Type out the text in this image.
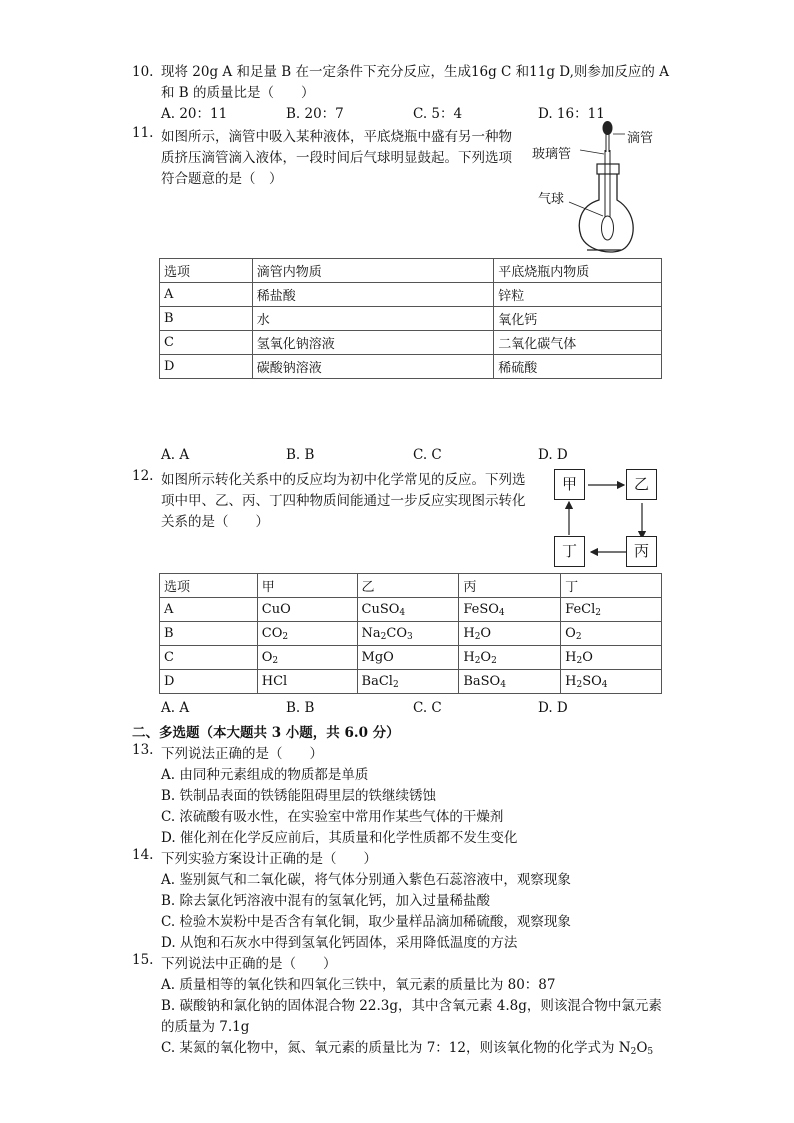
10. 现将 20g A 和足量 B 在一定条件下充分反应，生成16g C 和11g D,则参加反应的 A
和 B 的质量比是（　　）
A. 20：11	B. 20：7	C. 5：4	D. 16：11
11. 如图所示，滴管中吸入某种液体，平底烧瓶中盛有另一种物
质挤压滴管滴入液体，一段时间后气球明显鼓起。下列选项
符合题意的是（　）
滴管
玻璃管
气球
选项	滴管内物质	平底烧瓶内物质
A	稀盐酸	锌粒
B	水	氧化钙
C	氢氧化钠溶液	二氧化碳气体
D	碳酸钠溶液	稀硫酸
A. A	B. B	C. C	D. D
12. 如图所示转化关系中的反应均为初中化学常见的反应。下列选
项中甲、乙、丙、丁四种物质间能通过一步反应实现图示转化
关系的是（　　）
甲	乙
丙
丁
选项	甲	乙	丙	丁
A	CuO	CuSO$_4$	FeSO$_4$	FeCl$_2$
B	$CO_2$	$Na_2CO_3$	$H_2O$	$O_2$
C	$O_2$	MgO	$H_2O_2$	$H_2O$
D	HCl	BaCl$_2$	BaSO$_4$	$H_2SO_4$
A. A	B. B	C. C	D. D
二、多选题（本大题共 3 小题，共 6.0 分）
13. 下列说法正确的是（　　）
A. 由同种元素组成的物质都是单质
B. 铁制品表面的铁锈能阻碍里层的铁继续锈蚀
C. 浓硫酸有吸水性，在实验室中常用作某些气体的干燥剂
D. 催化剂在化学反应前后，其质量和化学性质都不发生变化
14. 下列实验方案设计正确的是（　　）
A. 鉴别氮气和二氧化碳，将气体分别通入紫色石蕊溶液中，观察现象
B. 除去氯化钙溶液中混有的氢氧化钙，加入过量稀盐酸
C. 检验木炭粉中是否含有氧化铜，取少量样品滴加稀硫酸，观察现象
D. 从饱和石灰水中得到氢氧化钙固体，采用降低温度的方法
15. 下列说法中正确的是（　　）
A. 质量相等的氧化铁和四氧化三铁中，氧元素的质量比为 80：87
B. 碳酸钠和氯化钠的固体混合物 22.3g，其中含氧元素 4.8g，则该混合物中氯元素
的质量为 7.1g
C. 某氮的氧化物中，氮、氧元素的质量比为 7：12，则该氧化物的化学式为 $N_2O_5$
